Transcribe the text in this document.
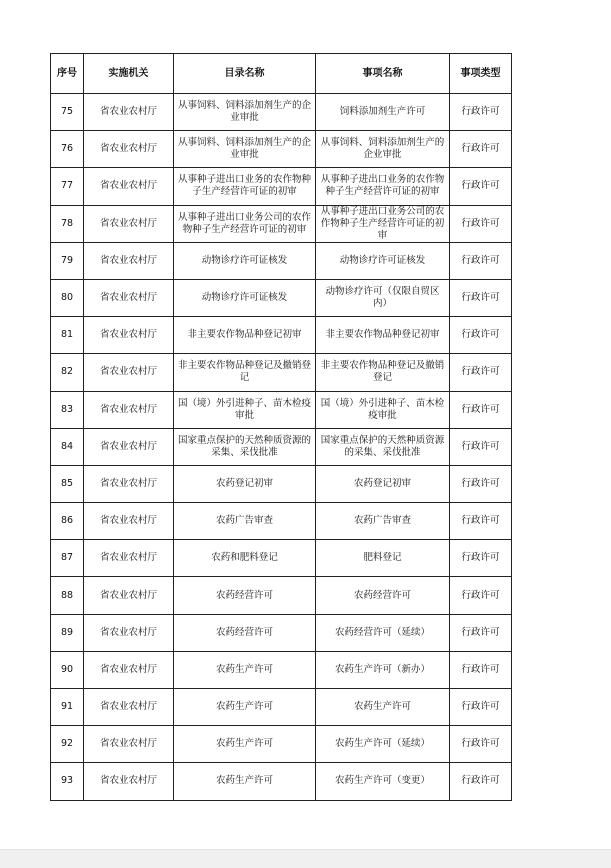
序号	实施机关	目录名称	事项名称	事项类型
75	省农业农村厅	从事饲料、饲料添加剂生产的企业审批	饲料添加剂生产许可	行政许可
76	省农业农村厅	从事饲料、饲料添加剂生产的企业审批	从事饲料、饲料添加剂生产的企业审批	行政许可
77	省农业农村厅	从事种子进出口业务的农作物种子生产经营许可证的初审	从事种子进出口业务的农作物种子生产经营许可证的初审	行政许可
78	省农业农村厅	从事种子进出口业务公司的农作物种子生产经营许可证的初审	从事种子进出口业务公司的农作物种子生产经营许可证的初审	行政许可
79	省农业农村厅	动物诊疗许可证核发	动物诊疗许可证核发	行政许可
80	省农业农村厅	动物诊疗许可证核发	动物诊疗许可（仅限自贸区内）	行政许可
81	省农业农村厅	非主要农作物品种登记初审	非主要农作物品种登记初审	行政许可
82	省农业农村厅	非主要农作物品种登记及撤销登记	非主要农作物品种登记及撤销登记	行政许可
83	省农业农村厅	国（境）外引进种子、苗木检疫审批	国（境）外引进种子、苗木检疫审批	行政许可
84	省农业农村厅	国家重点保护的天然种质资源的采集、采伐批准	国家重点保护的天然种质资源的采集、采伐批准	行政许可
85	省农业农村厅	农药登记初审	农药登记初审	行政许可
86	省农业农村厅	农药广告审查	农药广告审查	行政许可
87	省农业农村厅	农药和肥料登记	肥料登记	行政许可
88	省农业农村厅	农药经营许可	农药经营许可	行政许可
89	省农业农村厅	农药经营许可	农药经营许可（延续）	行政许可
90	省农业农村厅	农药生产许可	农药生产许可（新办）	行政许可
91	省农业农村厅	农药生产许可	农药生产许可	行政许可
92	省农业农村厅	农药生产许可	农药生产许可（延续）	行政许可
93	省农业农村厅	农药生产许可	农药生产许可（变更）	行政许可
